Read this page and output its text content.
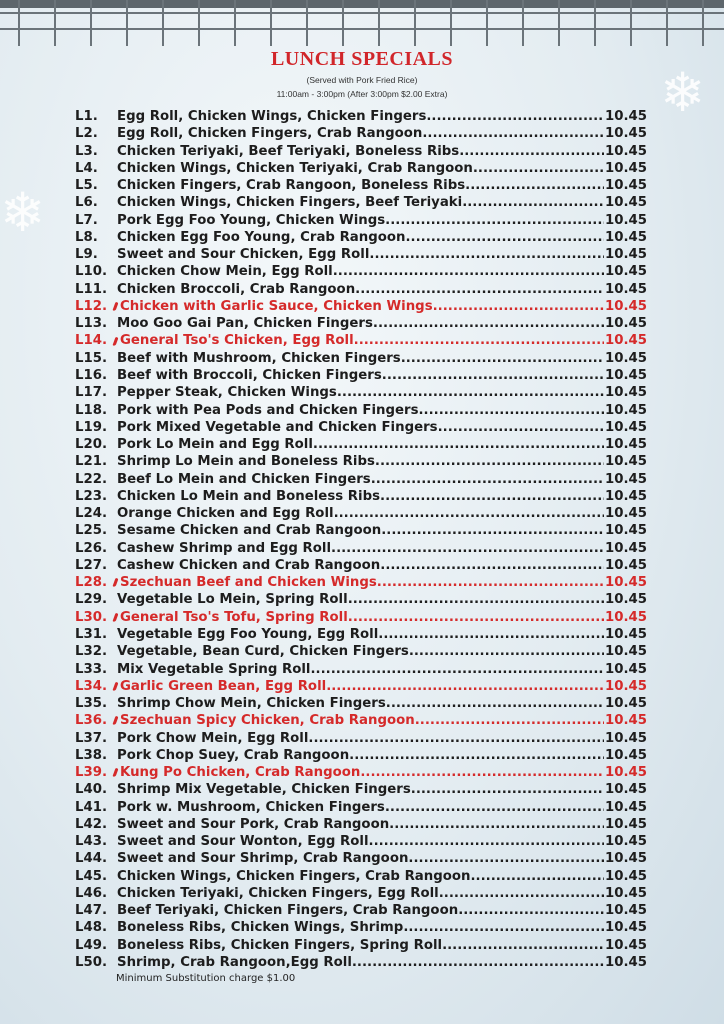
❄
❄
LUNCH SPECIALS
(Served with Pork Fried Rice)
11:00am - 3:00pm (After 3:00pm $2.00 Extra)
L1.	Egg Roll, Chicken Wings, Chicken Fingers .....	10.45
L2.	Egg Roll, Chicken Fingers, Crab Rangoon .....	10.45
L3.	Chicken Teriyaki, Beef Teriyaki, Boneless Ribs .....	10.45
L4.	Chicken Wings, Chicken Teriyaki, Crab Rangoon .....	10.45
L5.	Chicken Fingers, Crab Rangoon, Boneless Ribs .....	10.45
L6.	Chicken Wings, Chicken Fingers, Beef Teriyaki .....	10.45
L7.	Pork Egg Foo Young, Chicken Wings .....	10.45
L8.	Chicken Egg Foo Young, Crab Rangoon .....	10.45
L9.	Sweet and Sour Chicken, Egg Roll .....	10.45
L10. Chicken Chow Mein, Egg Roll .....	10.45
L11. Chicken Broccoli, Crab Rangoon .....	10.45
L12. Chicken with Garlic Sauce, Chicken Wings .....	10.45
L13. Moo Goo Gai Pan, Chicken Fingers .....	10.45
L14. General Tso's Chicken, Egg Roll .....	10.45
L15. Beef with Mushroom, Chicken Fingers .....	10.45
L16. Beef with Broccoli, Chicken Fingers .....	10.45
L17. Pepper Steak, Chicken Wings .....	10.45
L18. Pork with Pea Pods and Chicken Fingers .....	10.45
L19. Pork Mixed Vegetable and Chicken Fingers .....	10.45
L20. Pork Lo Mein and Egg Roll .....	10.45
L21. Shrimp Lo Mein and Boneless Ribs .....	10.45
L22. Beef Lo Mein and Chicken Fingers .....	10.45
L23. Chicken Lo Mein and Boneless Ribs .....	10.45
L24. Orange Chicken and Egg Roll .....	10.45
L25. Sesame Chicken and Crab Rangoon .....	10.45
L26. Cashew Shrimp and Egg Roll .....	10.45
L27. Cashew Chicken and Crab Rangoon .....	10.45
L28. Szechuan Beef and Chicken Wings .....	10.45
L29. Vegetable Lo Mein, Spring Roll .....	10.45
L30. General Tso's Tofu, Spring Roll .....	10.45
L31. Vegetable Egg Foo Young, Egg Roll .....	10.45
L32. Vegetable, Bean Curd, Chicken Fingers .....	10.45
L33. Mix Vegetable Spring Roll .....	10.45
L34. Garlic Green Bean, Egg Roll .....	10.45
L35. Shrimp Chow Mein, Chicken Fingers .....	10.45
L36. Szechuan Spicy Chicken, Crab Rangoon .....	10.45
L37. Pork Chow Mein, Egg Roll .....	10.45
L38. Pork Chop Suey, Crab Rangoon .....	10.45
L39. Kung Po Chicken, Crab Rangoon .....	10.45
L40. Shrimp Mix Vegetable, Chicken Fingers .....	10.45
L41. Pork w. Mushroom, Chicken Fingers .....	10.45
L42. Sweet and Sour Pork, Crab Rangoon .....	10.45
L43. Sweet and Sour Wonton, Egg Roll .....	10.45
L44. Sweet and Sour Shrimp, Crab Rangoon .....	10.45
L45. Chicken Wings, Chicken Fingers, Crab Rangoon .....	10.45
L46. Chicken Teriyaki, Chicken Fingers, Egg Roll .....	10.45
L47. Beef Teriyaki, Chicken Fingers, Crab Rangoon .....	10.45
L48. Boneless Ribs, Chicken Wings, Shrimp .....	10.45
L49. Boneless Ribs, Chicken Fingers, Spring Roll .....	10.45
L50. Shrimp, Crab Rangoon,Egg Roll .....	10.45
Minimum Substitution charge $1.00
